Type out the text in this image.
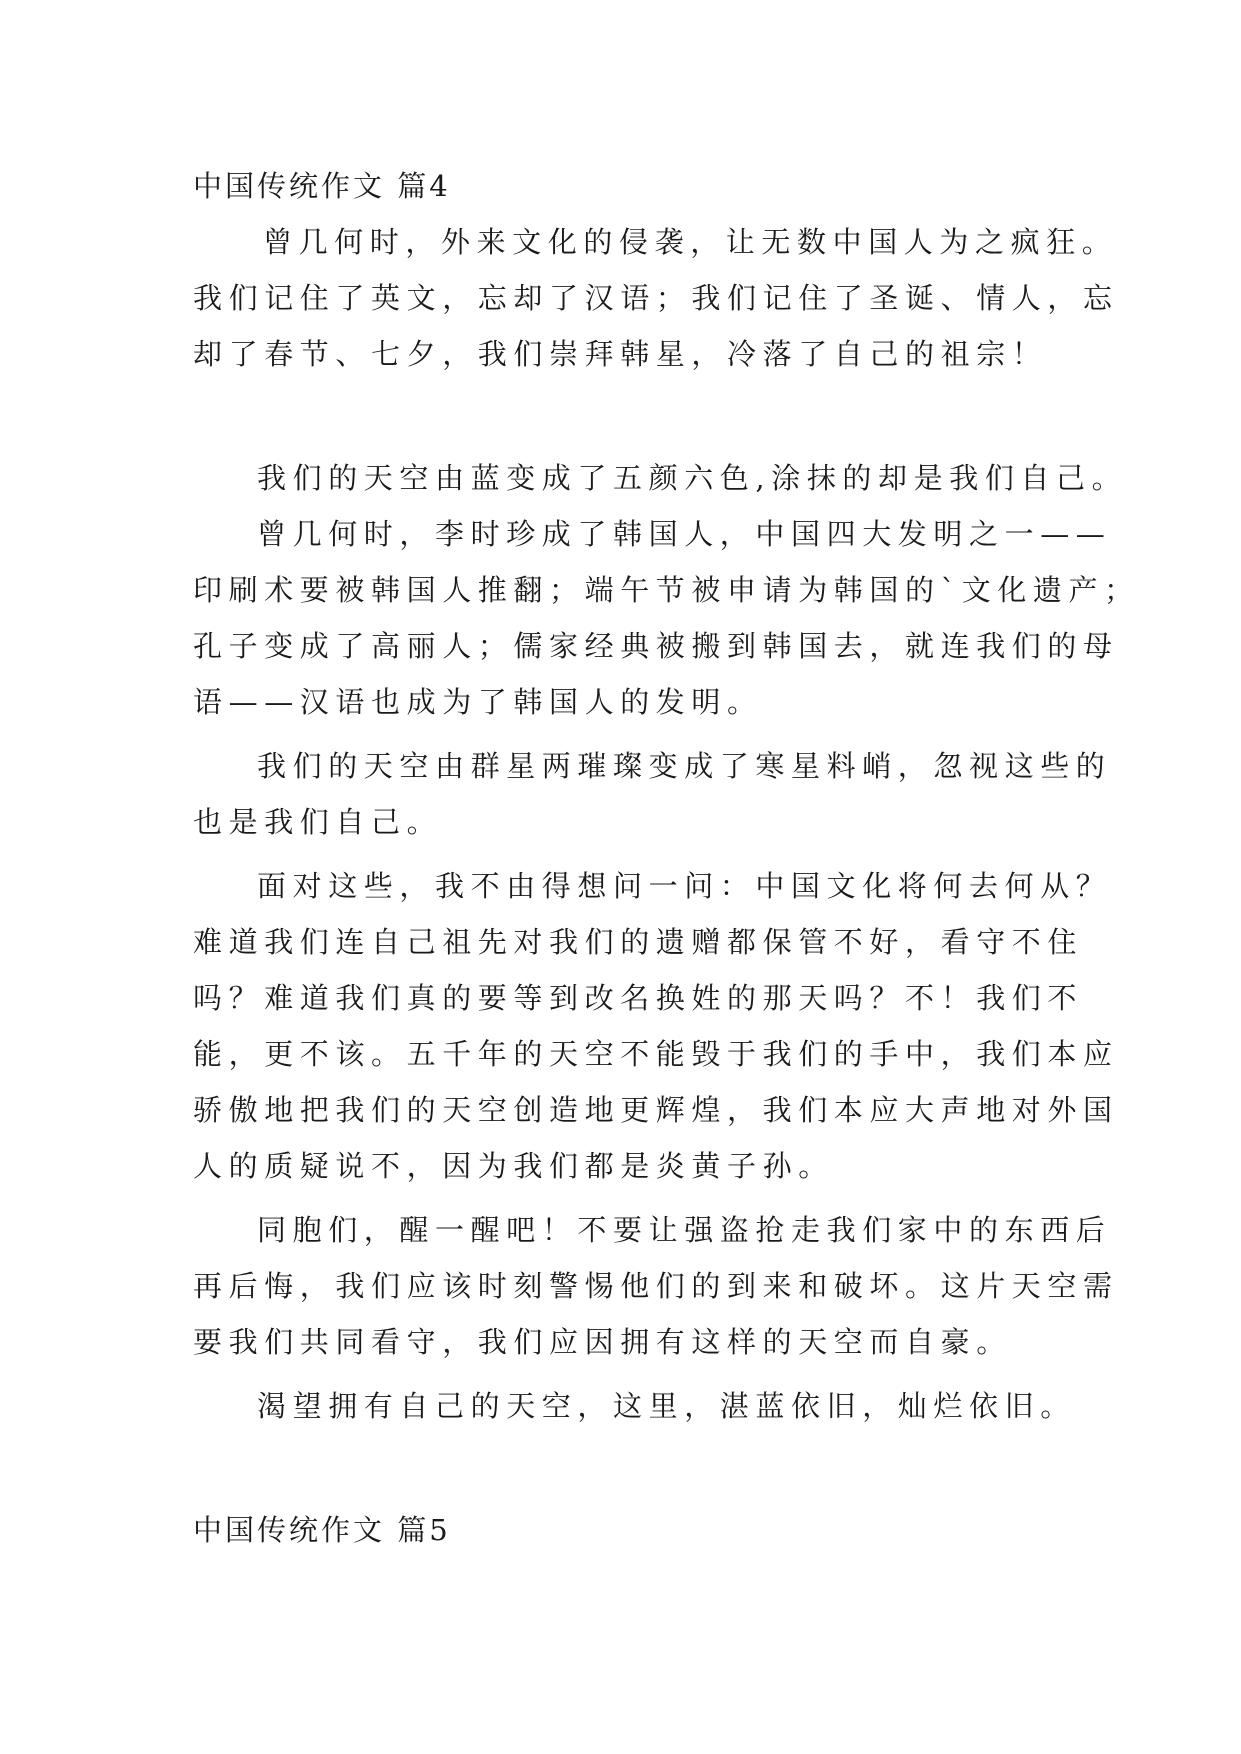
中国传统作文 篇4
曾几何时，外来文化的侵袭，让无数中国人为之疯狂。
我们记住了英文，忘却了汉语；我们记住了圣诞、情人，忘
却了春节、七夕，我们崇拜韩星，冷落了自己的祖宗！
我们的天空由蓝变成了五颜六色,涂抹的却是我们自己。
曾几何时，李时珍成了韩国人，中国四大发明之一——
印刷术要被韩国人推翻；端午节被申请为韩国的`文化遗产；
孔子变成了高丽人；儒家经典被搬到韩国去，就连我们的母
语——汉语也成为了韩国人的发明。
我们的天空由群星两璀璨变成了寒星料峭，忽视这些的
也是我们自己。
面对这些，我不由得想问一问：中国文化将何去何从？
难道我们连自己祖先对我们的遗赠都保管不好，看守不住
吗？难道我们真的要等到改名换姓的那天吗？不！我们不
能，更不该。五千年的天空不能毁于我们的手中，我们本应
骄傲地把我们的天空创造地更辉煌，我们本应大声地对外国
人的质疑说不，因为我们都是炎黄子孙。
同胞们，醒一醒吧！不要让强盗抢走我们家中的东西后
再后悔，我们应该时刻警惕他们的到来和破坏。这片天空需
要我们共同看守，我们应因拥有这样的天空而自豪。
渴望拥有自己的天空，这里，湛蓝依旧，灿烂依旧。
中国传统作文 篇5
